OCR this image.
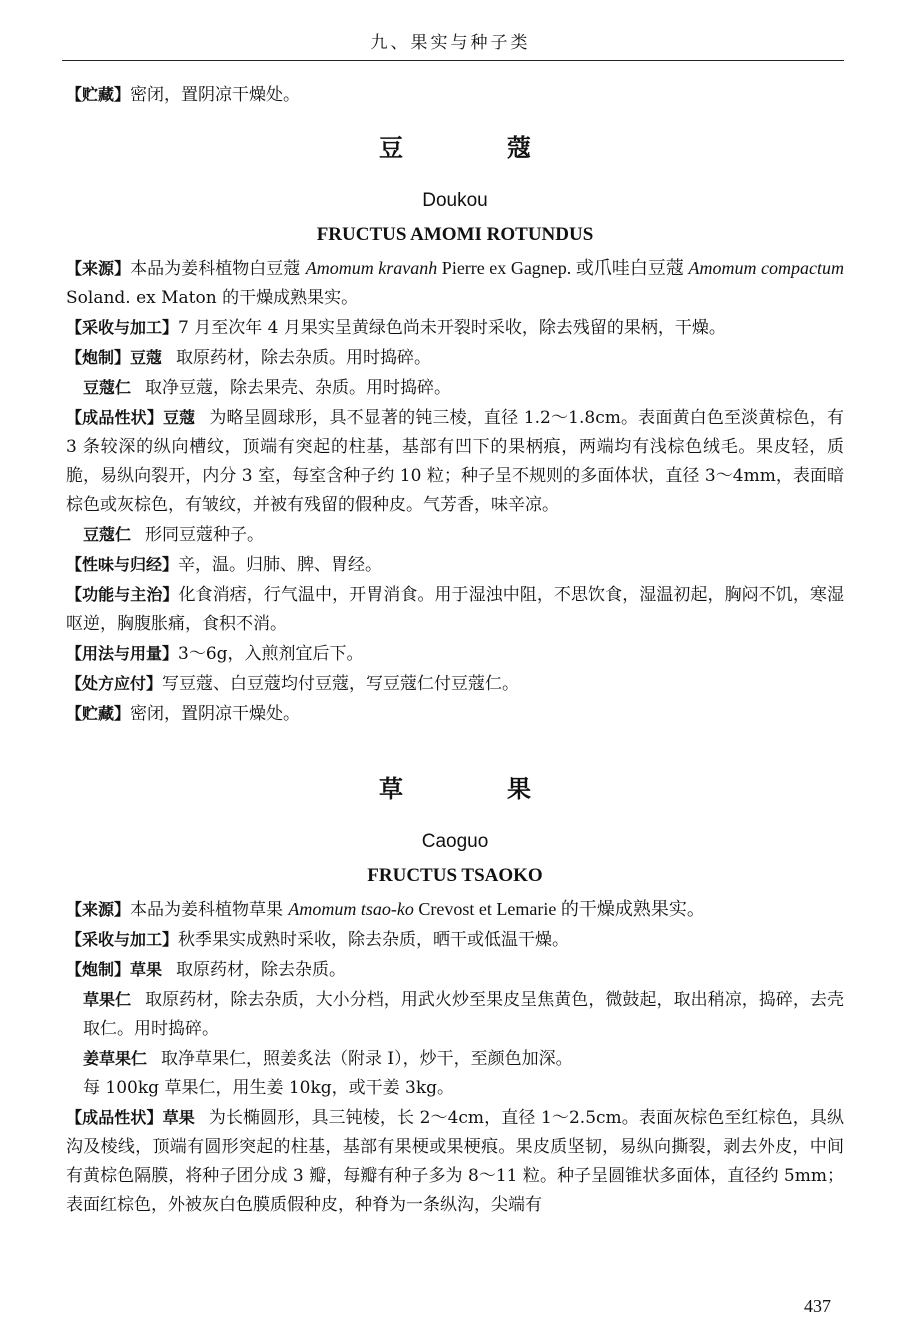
九、果实与种子类

【贮藏】密闭，置阴凉干燥处。

豆　蔻
Doukou
FRUCTUS AMOMI ROTUNDUS

【来源】本品为姜科植物白豆蔻 Amomum kravanh Pierre ex Gagnep. 或爪哇白豆蔻 Amomum compactum Soland. ex Maton 的干燥成熟果实。

【采收与加工】7 月至次年 4 月果实呈黄绿色尚未开裂时采收，除去残留的果柄，干燥。

【炮制】豆蔻 取原药材，除去杂质。用时捣碎。

豆蔻仁 取净豆蔻，除去果壳、杂质。用时捣碎。

【成品性状】豆蔻 为略呈圆球形，具不显著的钝三棱，直径 1.2～1.8cm。表面黄白色至淡黄棕色，有 3 条较深的纵向槽纹，顶端有突起的柱基，基部有凹下的果柄痕，两端均有浅棕色绒毛。果皮轻，质脆，易纵向裂开，内分 3 室，每室含种子约 10 粒；种子呈不规则的多面体状，直径 3～4mm，表面暗棕色或灰棕色，有皱纹，并被有残留的假种皮。气芳香，味辛凉。

豆蔻仁 形同豆蔻种子。

【性味与归经】辛，温。归肺、脾、胃经。

【功能与主治】化食消痞，行气温中，开胃消食。用于湿浊中阻，不思饮食，湿温初起，胸闷不饥，寒湿呕逆，胸腹胀痛，食积不消。

【用法与用量】3～6g，入煎剂宜后下。

【处方应付】写豆蔻、白豆蔻均付豆蔻，写豆蔻仁付豆蔻仁。

【贮藏】密闭，置阴凉干燥处。

草　果
Caoguo
FRUCTUS TSAOKO

【来源】本品为姜科植物草果 Amomum tsao-ko Crevost et Lemarie 的干燥成熟果实。

【采收与加工】秋季果实成熟时采收，除去杂质，晒干或低温干燥。

【炮制】草果 取原药材，除去杂质。

草果仁 取原药材，除去杂质，大小分档，用武火炒至果皮呈焦黄色，微鼓起，取出稍凉，捣碎，去壳取仁。用时捣碎。

姜草果仁 取净草果仁，照姜炙法（附录 Ⅰ），炒干，至颜色加深。

每 100kg 草果仁，用生姜 10kg，或干姜 3kg。

【成品性状】草果 为长椭圆形，具三钝棱，长 2～4cm，直径 1～2.5cm。表面灰棕色至红棕色，具纵沟及棱线，顶端有圆形突起的柱基，基部有果梗或果梗痕。果皮质坚韧，易纵向撕裂，剥去外皮，中间有黄棕色隔膜，将种子团分成 3 瓣，每瓣有种子多为 8～11 粒。种子呈圆锥状多面体，直径约 5mm；表面红棕色，外被灰白色膜质假种皮，种脊为一条纵沟，尖端有

437
